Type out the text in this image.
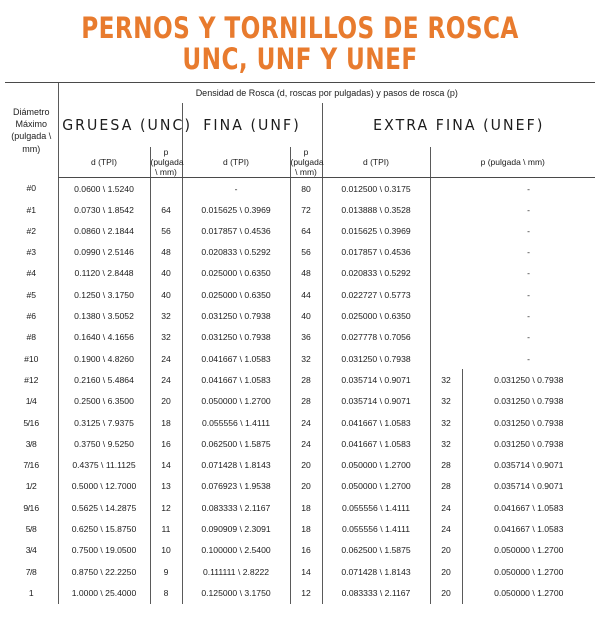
PERNOS Y TORNILLOS DE ROSCA
UNC, UNF Y UNEF
Diámetro Máximo
(pulgada \ mm)	Densidad de Rosca (d, roscas por pulgadas) y pasos de rosca (p)						
	GRUESA (UNC)		FINA (UNF)		EXTRA FINA (UNEF)		
	d (TPI)	p (pulgada \ mm)	d (TPI)	p (pulgada \ mm)	d (TPI)	p (pulgada \ mm)	
#0	0.0600 \ 1.5240		-	80	0.012500 \ 0.3175		-
#1	0.0730 \ 1.8542	64	0.015625 \ 0.3969	72	0.013888 \ 0.3528		-
#2	0.0860 \ 2.1844	56	0.017857 \ 0.4536	64	0.015625 \ 0.3969		-
#3	0.0990 \ 2.5146	48	0.020833 \ 0.5292	56	0.017857 \ 0.4536		-
#4	0.1120 \ 2.8448	40	0.025000 \ 0.6350	48	0.020833 \ 0.5292		-
#5	0.1250 \ 3.1750	40	0.025000 \ 0.6350	44	0.022727 \ 0.5773		-
#6	0.1380 \ 3.5052	32	0.031250 \ 0.7938	40	0.025000 \ 0.6350		-
#8	0.1640 \ 4.1656	32	0.031250 \ 0.7938	36	0.027778 \ 0.7056		-
#10	0.1900 \ 4.8260	24	0.041667 \ 1.0583	32	0.031250 \ 0.7938		-
#12	0.2160 \ 5.4864	24	0.041667 \ 1.0583	28	0.035714 \ 0.9071	32	0.031250 \ 0.7938
1/4	0.2500 \ 6.3500	20	0.050000 \ 1.2700	28	0.035714 \ 0.9071	32	0.031250 \ 0.7938
5/16	0.3125 \ 7.9375	18	0.055556 \ 1.4111	24	0.041667 \ 1.0583	32	0.031250 \ 0.7938
3/8	0.3750 \ 9.5250	16	0.062500 \ 1.5875	24	0.041667 \ 1.0583	32	0.031250 \ 0.7938
7/16	0.4375 \ 11.1125	14	0.071428 \ 1.8143	20	0.050000 \ 1.2700	28	0.035714 \ 0.9071
1/2	0.5000 \ 12.7000	13	0.076923 \ 1.9538	20	0.050000 \ 1.2700	28	0.035714 \ 0.9071
9/16	0.5625 \ 14.2875	12	0.083333 \ 2.1167	18	0.055556 \ 1.4111	24	0.041667 \ 1.0583
5/8	0.6250 \ 15.8750	11	0.090909 \ 2.3091	18	0.055556 \ 1.4111	24	0.041667 \ 1.0583
3/4	0.7500 \ 19.0500	10	0.100000 \ 2.5400	16	0.062500 \ 1.5875	20	0.050000 \ 1.2700
7/8	0.8750 \ 22.2250	9	0.111111 \ 2.8222	14	0.071428 \ 1.8143	20	0.050000 \ 1.2700
1	1.0000 \ 25.4000	8	0.125000 \ 3.1750	12	0.083333 \ 2.1167	20	0.050000 \ 1.2700
